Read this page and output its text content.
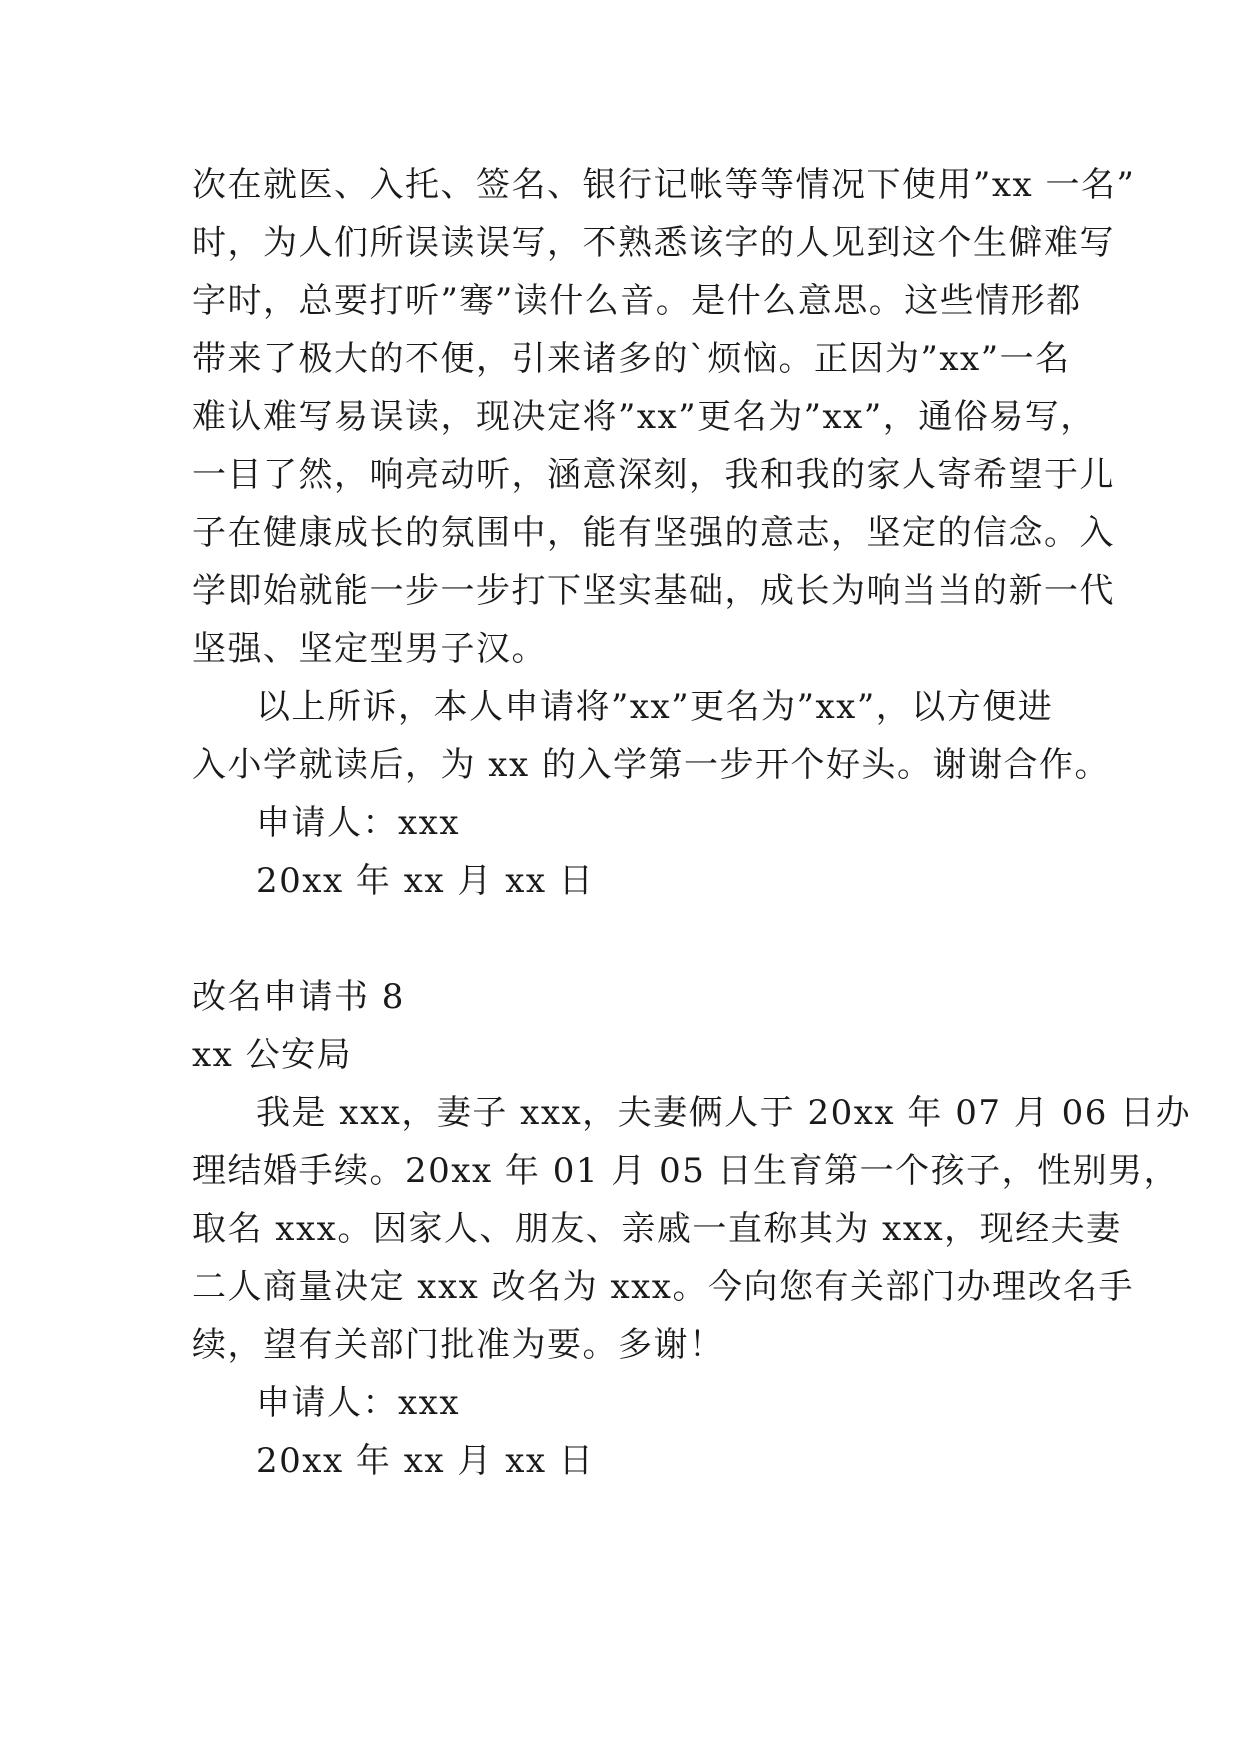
次在就医、入托、签名、银行记帐等等情况下使用”xx 一名”
时，为人们所误读误写，不熟悉该字的人见到这个生僻难写
字时，总要打听”骞”读什么音。是什么意思。这些情形都
带来了极大的不便，引来诸多的`烦恼。正因为”xx”一名
难认难写易误读，现决定将”xx”更名为”xx”，通俗易写，
一目了然，响亮动听，涵意深刻，我和我的家人寄希望于儿
子在健康成长的氛围中，能有坚强的意志，坚定的信念。入
学即始就能一步一步打下坚实基础，成长为响当当的新一代
坚强、坚定型男子汉。
以上所诉，本人申请将”xx”更名为”xx”，以方便进
入小学就读后，为 xx 的入学第一步开个好头。谢谢合作。
申请人：xxx
20xx 年 xx 月 xx 日
改名申请书 8
xx 公安局
我是 xxx，妻子 xxx，夫妻俩人于 20xx 年 07 月 06 日办
理结婚手续。20xx 年 01 月 05 日生育第一个孩子，性别男，
取名 xxx。因家人、朋友、亲戚一直称其为 xxx，现经夫妻
二人商量决定 xxx 改名为 xxx。今向您有关部门办理改名手
续，望有关部门批准为要。多谢！
申请人：xxx
20xx 年 xx 月 xx 日
